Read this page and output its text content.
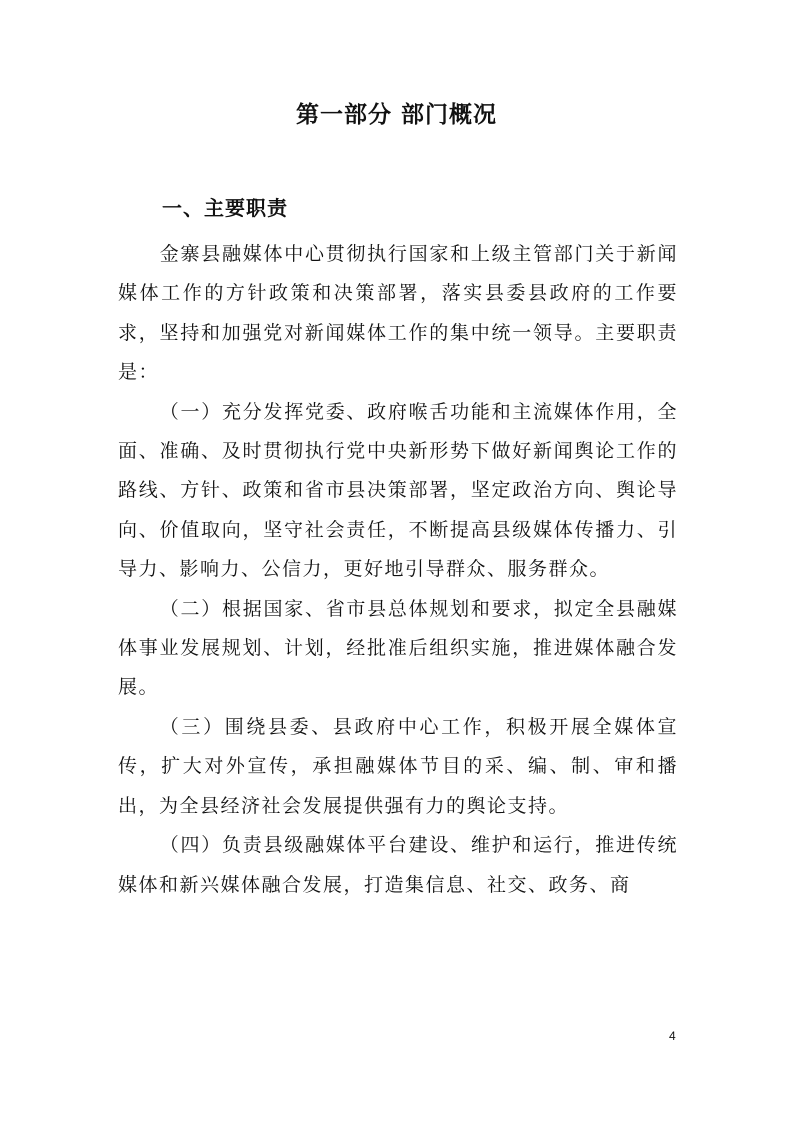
第一部分 部门概况
一、主要职责

金寨县融媒体中心贯彻执行国家和上级主管部门关于新闻媒体工作的方针政策和决策部署，落实县委县政府的工作要求，坚持和加强党对新闻媒体工作的集中统一领导。主要职责是：

（一）充分发挥党委、政府喉舌功能和主流媒体作用，全面、准确、及时贯彻执行党中央新形势下做好新闻舆论工作的路线、方针、政策和省市县决策部署，坚定政治方向、舆论导向、价值取向，坚守社会责任，不断提高县级媒体传播力、引导力、影响力、公信力，更好地引导群众、服务群众。

（二）根据国家、省市县总体规划和要求，拟定全县融媒体事业发展规划、计划，经批准后组织实施，推进媒体融合发展。

（三）围绕县委、县政府中心工作，积极开展全媒体宣传，扩大对外宣传，承担融媒体节目的采、编、制、审和播出，为全县经济社会发展提供强有力的舆论支持。

（四）负责县级融媒体平台建设、维护和运行，推进传统媒体和新兴媒体融合发展，打造集信息、社交、政务、商

4
